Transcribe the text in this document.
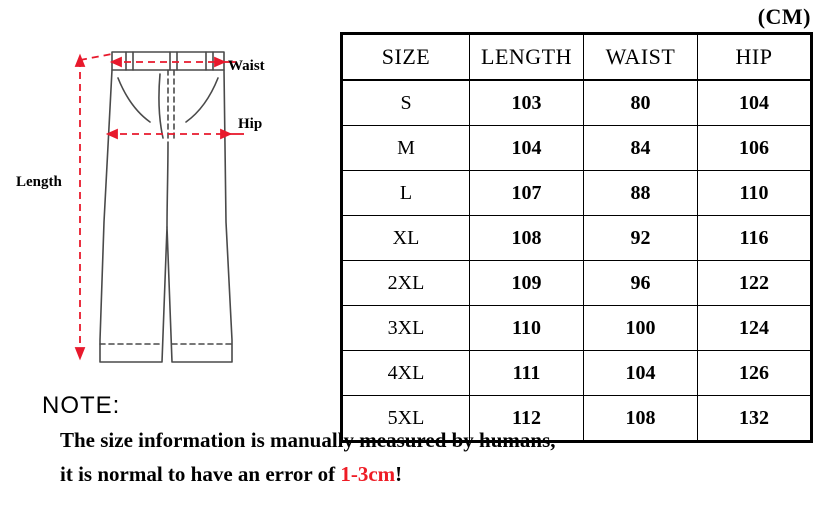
(CM)
Waist
Hip
Length
SIZE	LENGTH	WAIST	HIP
S	103	80	104
M	104	84	106
L	107	88	110
XL	108	92	116
2XL	109	96	122
3XL	110	100	124
4XL	111	104	126
5XL	112	108	132
NOTE:
The size information is manually measured by humans,
it is normal to have an error of 1-3cm!
